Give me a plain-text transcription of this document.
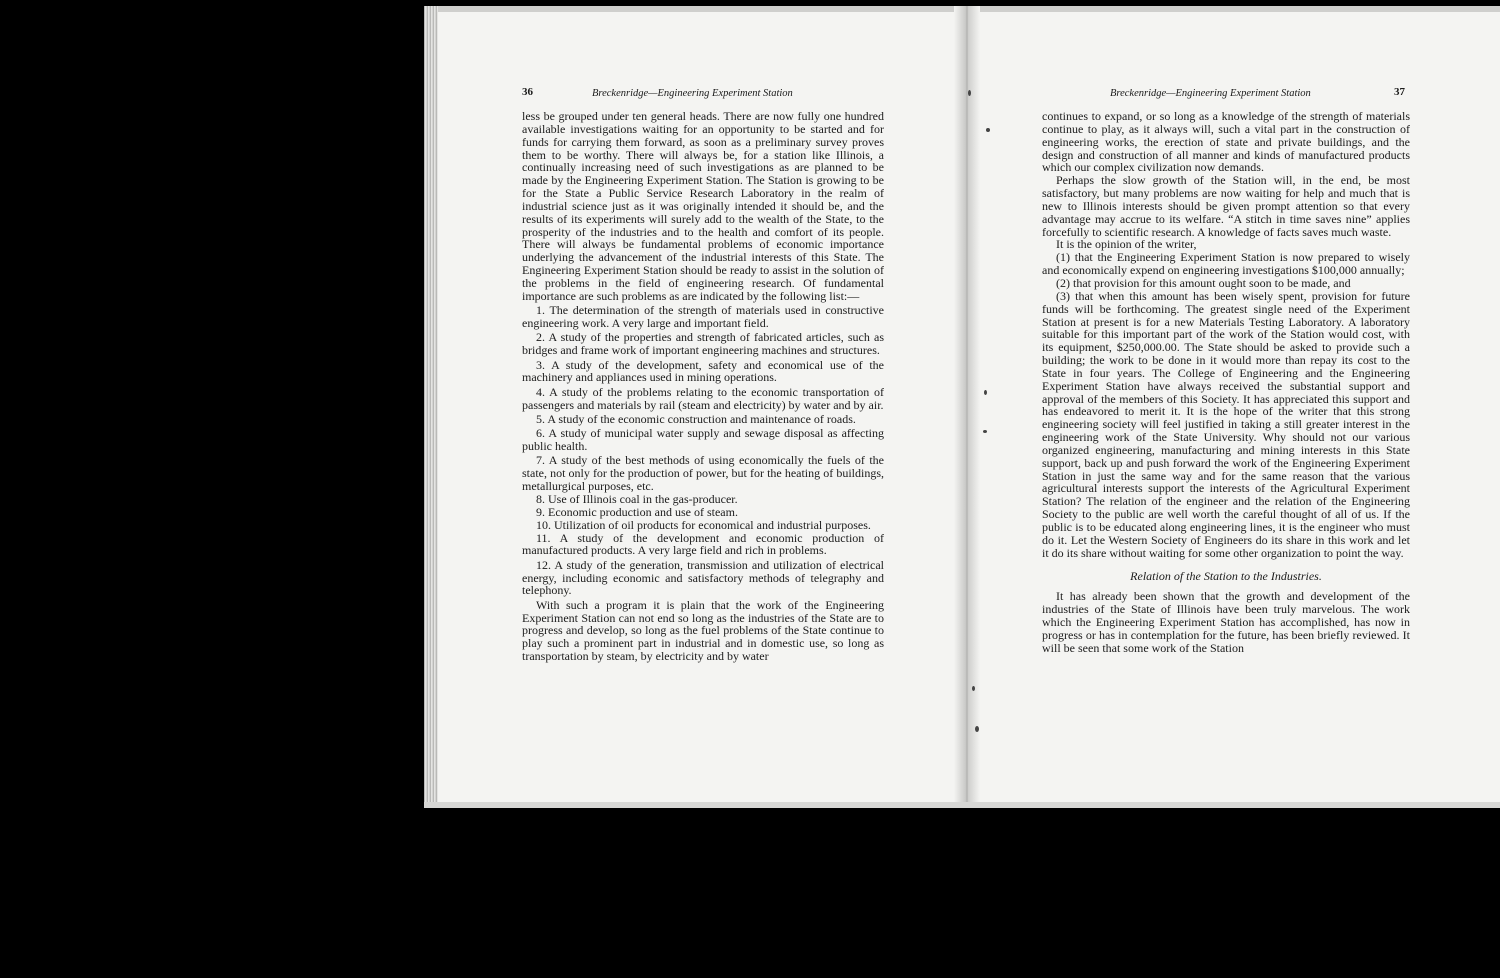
36	Breckenridge—Engineering Experiment Station

less be grouped under ten general heads. There are now fully one hundred available investigations waiting for an opportunity to be started and for funds for carrying them forward, as soon as a preliminary survey proves them to be worthy. There will always be, for a station like Illinois, a continually increasing need of such investigations as are planned to be made by the Engineering Experiment Station. The Station is growing to be for the State a Public Service Research Laboratory in the realm of industrial science just as it was originally intended it should be, and the results of its experiments will surely add to the wealth of the State, to the prosperity of the industries and to the health and comfort of its people. There will always be fundamental problems of economic importance underlying the advancement of the industrial interests of this State. The Engineering Experiment Station should be ready to assist in the solution of the problems in the field of engineering research. Of fundamental importance are such problems as are indicated by the following list:—

1. The determination of the strength of materials used in constructive engineering work. A very large and important field.

2. A study of the properties and strength of fabricated articles, such as bridges and frame work of important engineering machines and structures.

3. A study of the development, safety and economical use of the machinery and appliances used in mining operations.

4. A study of the problems relating to the economic transportation of passengers and materials by rail (steam and electricity) by water and by air.

5. A study of the economic construction and maintenance of roads.

6. A study of municipal water supply and sewage disposal as affecting public health.

7. A study of the best methods of using economically the fuels of the state, not only for the production of power, but for the heating of buildings, metallurgical purposes, etc.

8. Use of Illinois coal in the gas-producer.

9. Economic production and use of steam.

10. Utilization of oil products for economical and industrial purposes.

11. A study of the development and economic production of manufactured products. A very large field and rich in problems.

12. A study of the generation, transmission and utilization of electrical energy, including economic and satisfactory methods of telegraphy and telephony.

With such a program it is plain that the work of the Engineering Experiment Station can not end so long as the industries of the State are to progress and develop, so long as the fuel problems of the State continue to play such a prominent part in industrial and in domestic use, so long as transportation by steam, by electricity and by water

Breckenridge—Engineering Experiment Station	37

continues to expand, or so long as a knowledge of the strength of materials continue to play, as it always will, such a vital part in the construction of engineering works, the erection of state and private buildings, and the design and construction of all manner and kinds of manufactured products which our complex civilization now demands.

Perhaps the slow growth of the Station will, in the end, be most satisfactory, but many problems are now waiting for help and much that is new to Illinois interests should be given prompt attention so that every advantage may accrue to its welfare. “A stitch in time saves nine” applies forcefully to scientific research. A knowledge of facts saves much waste.

It is the opinion of the writer,

(1) that the Engineering Experiment Station is now prepared to wisely and economically expend on engineering investigations $100,000 annually;

(2) that provision for this amount ought soon to be made, and

(3) that when this amount has been wisely spent, provision for future funds will be forthcoming. The greatest single need of the Experiment Station at present is for a new Materials Testing Laboratory. A laboratory suitable for this important part of the work of the Station would cost, with its equipment, $250,000.00. The State should be asked to provide such a building; the work to be done in it would more than repay its cost to the State in four years. The College of Engineering and the Engineering Experiment Station have always received the substantial support and approval of the members of this Society. It has appreciated this support and has endeavored to merit it. It is the hope of the writer that this strong engineering society will feel justified in taking a still greater interest in the engineering work of the State University. Why should not our various organized engineering, manufacturing and mining interests in this State support, back up and push forward the work of the Engineering Experiment Station in just the same way and for the same reason that the various agricultural interests support the interests of the Agricultural Experiment Station? The relation of the engineer and the relation of the Engineering Society to the public are well worth the careful thought of all of us. If the public is to be educated along engineering lines, it is the engineer who must do it. Let the Western Society of Engineers do its share in this work and let it do its share without waiting for some other organization to point the way.

Relation of the Station to the Industries.

It has already been shown that the growth and development of the industries of the State of Illinois have been truly marvelous. The work which the Engineering Experiment Station has accomplished, has now in progress or has in contemplation for the future, has been briefly reviewed. It will be seen that some work of the Station
